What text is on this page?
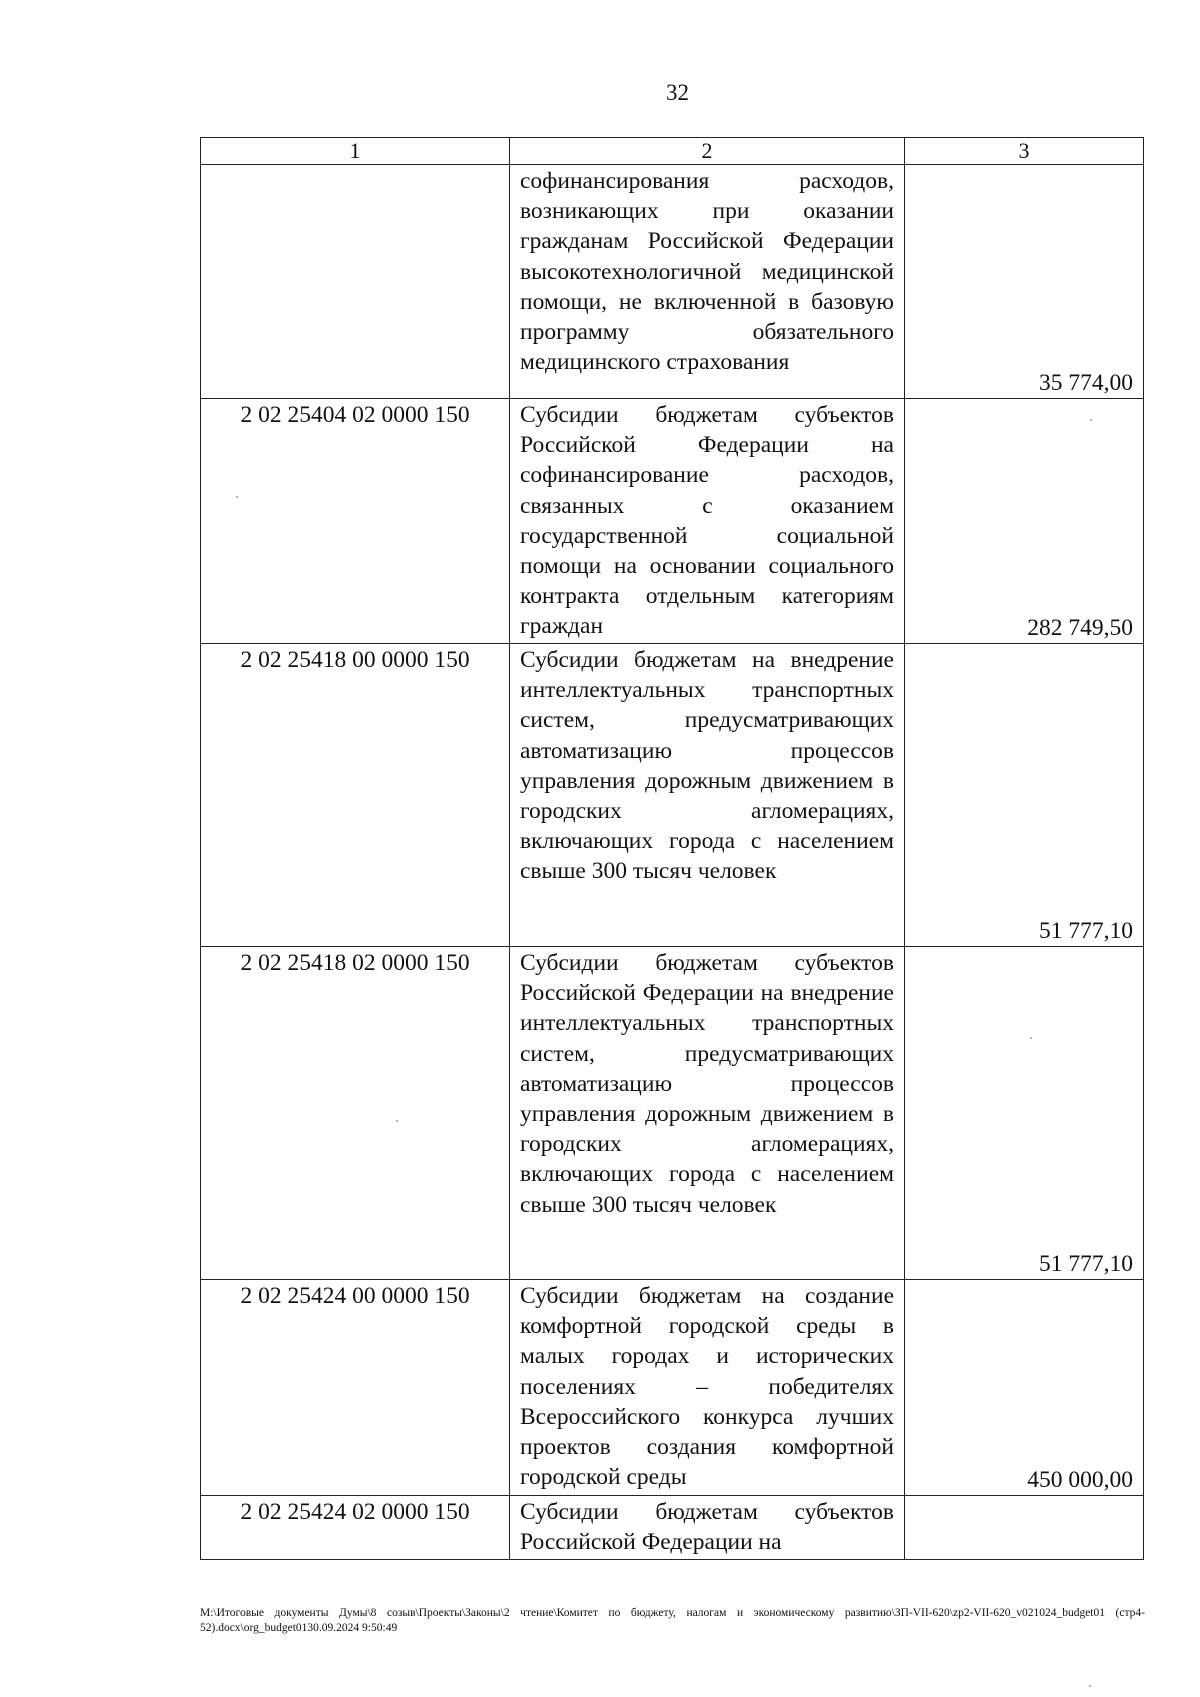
32
1	2	3
	софинансирования расходов, возникающих при оказании гражданам Российской Федерации высокотехнологичной медицинской помощи, не включенной в базовую программу обязательного медицинского страхования	35 774,00
2 02 25404 02 0000 150	Субсидии бюджетам субъектов Российской Федерации на софинансирование расходов, связанных с оказанием государственной социальной помощи на основании социального контракта отдельным категориям граждан	282 749,50
2 02 25418 00 0000 150	Субсидии бюджетам на внедрение интеллектуальных транспортных систем, предусматривающих автоматизацию процессов управления дорожным движением в городских агломерациях, включающих города с населением свыше 300 тысяч человек	51 777,10
2 02 25418 02 0000 150	Субсидии бюджетам субъектов Российской Федерации на внедрение интеллектуальных транспортных систем, предусматривающих автоматизацию процессов управления дорожным движением в городских агломерациях, включающих города с населением свыше 300 тысяч человек	51 777,10
2 02 25424 00 0000 150	Субсидии бюджетам на создание комфортной городской среды в малых городах и исторических поселениях – победителях Всероссийского конкурса лучших проектов создания комфортной городской среды	450 000,00
2 02 25424 02 0000 150	Субсидии бюджетам субъектов Российской Федерации на	
M:\Итоговые документы Думы\8 созыв\Проекты\Законы\2 чтение\Комитет по бюджету, налогам и экономическому развитию\ЗП-VII-620\zp2-VII-620_v021024_budget01 (стр4-52).docx\org_budget0130.09.2024 9:50:49
